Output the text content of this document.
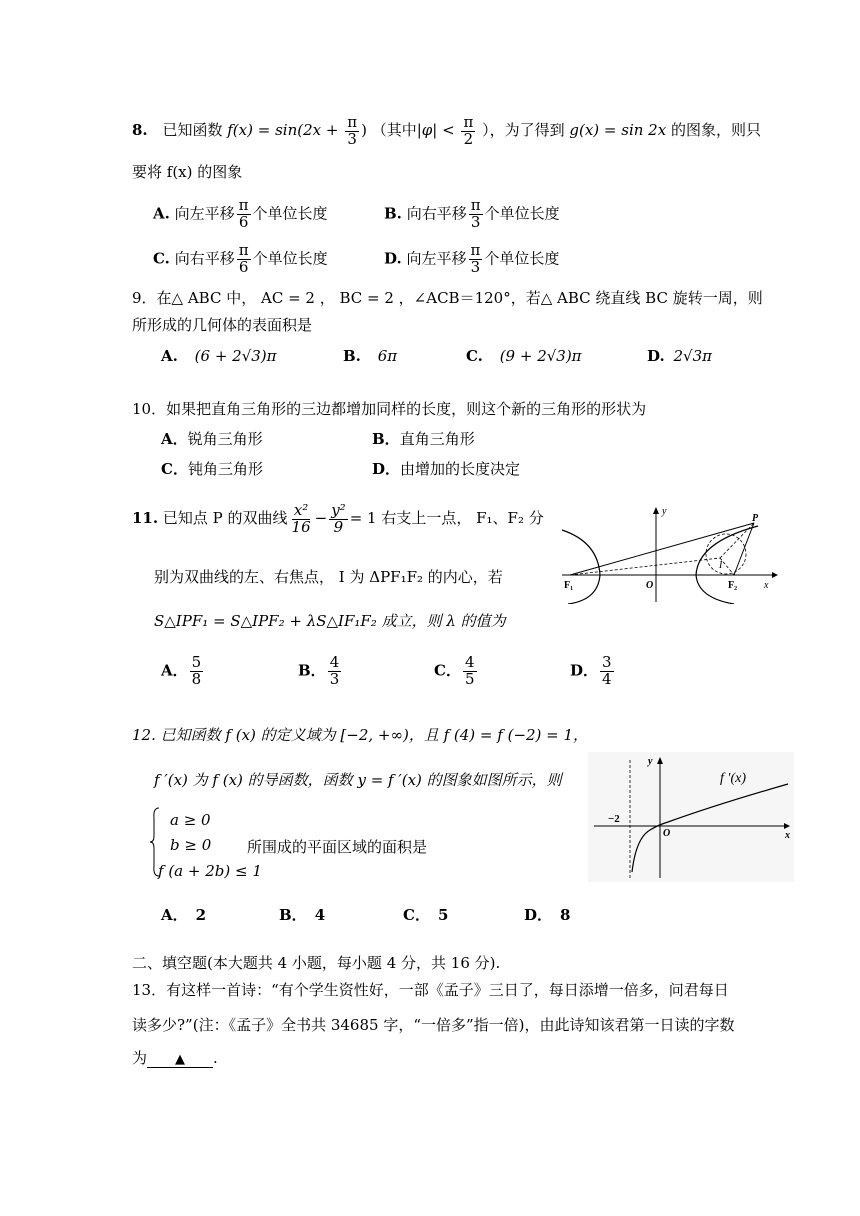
8. 已知函数 $f(x) = \sin(2x + \frac{\pi}{3}$ ) （其中$|\varphi| < \frac{\pi}{2}$ ），为了得到 g(x) = sin 2x 的图象，则只
要将 f(x) 的图象
A. 向左平移 $\frac{\pi}{6}$ 个单位长度	B. 向右平移 $\frac{\pi}{3}$ 个单位长度
C. 向右平移 $\frac{\pi}{6}$ 个单位长度	D. 向左平移 $\frac{\pi}{3}$ 个单位长度
9．在△ ABC 中， AC = 2 ， BC = 2 ，∠ACB＝120°，若△ ABC 绕直线 BC 旋转一周，则
所形成的几何体的表面积是
A. (6 + 2√3)π	B. 6π	C. (9 + 2√3)π	D. 2√3π
10．如果把直角三角形的三边都增加同样的长度，则这个新的三角形的形状为
A．锐角三角形	B．直角三角形
C．钝角三角形	D．由增加的长度决定
11. 已知点 P 的双曲线 $\frac{\text{x²}}{16} - \frac{\text{y²}}{9} = 1$ 右支上一点， F₁、F₂ 分
别为双曲线的左、右焦点， I 为 ΔPF₁F₂ 的内心，若
S△IPF₁ = S△IPF₂ + λS△IF₁F₂ 成立，则 λ 的值为
A． $\frac{5}{8}$	B． $\frac{4}{3}$	C． $\frac{4}{5}$	D． $\frac{3}{4}$
y
x
P
F₁	F₂
O
I
12. 已知函数 f (x) 的定义域为 [−2, +∞)，且 f (4) = f (−2) = 1，
f ′(x) 为 f (x) 的导函数，函数 y = f ′(x) 的图象如图所示，则
a ≥ 0
b ≥ 0
f (a + 2b) ≤ 1
所围成的平面区域的面积是
A． 2	B． 4	C． 5	D． 8
y
x
−2
O
f ′(x)
二、填空题(本大题共 4 小题，每小题 4 分，共 16 分).
13．有这样一首诗：“有个学生资性好，一部《孟子》三日了，每日添增一倍多，问君每日
读多少?”(注：《孟子》全书共 34685 字，“一倍多”指一倍)，由此诗知该君第一日读的字数
为 ▲ .
